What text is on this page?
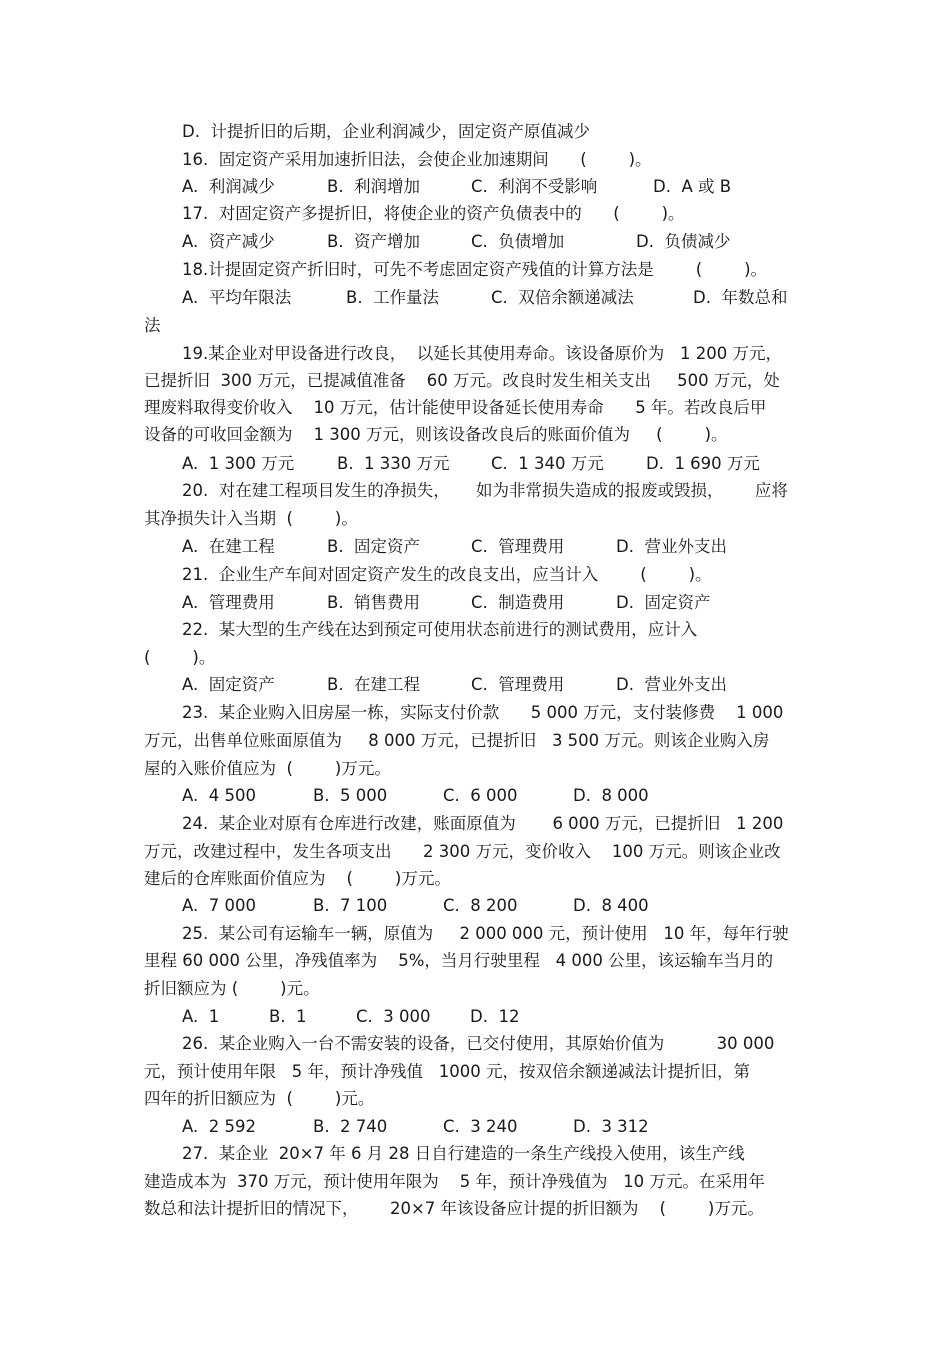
D.  计提折旧的后期，企业利润减少，固定资产原值减少
16.  固定资产采用加速折旧法，会使企业加速期间      (        )。
A.  利润减少	B.  利润增加	C.  利润不受影响	D.  A 或 B
17.  对固定资产多提折旧，将使企业的资产负债表中的      (        )。
A.  资产减少	B.  资产增加	C.  负债增加	D.  负债减少
18.计提固定资产折旧时，可先不考虑固定资产残值的计算方法是        (        )。
A.  平均年限法	B.  工作量法	C.  双倍余额递减法	D.  年数总和
法
19.某企业对甲设备进行改良，  以延长其使用寿命。该设备原价为   1 200 万元，
已提折旧  300 万元，已提减值准备    60 万元。改良时发生相关支出     500 万元，处
理废料取得变价收入    10 万元，估计能使甲设备延长使用寿命      5 年。若改良后甲
设备的可收回金额为    1 300 万元，则该设备改良后的账面价值为     (        )。
A.  1 300 万元	B.  1 330 万元	C.  1 340 万元	D.  1 690 万元
20.  对在建工程项目发生的净损失，     如为非常损失造成的报废或毁损，      应将
其净损失计入当期  (        )。
A.  在建工程	B.  固定资产	C.  管理费用	D.  营业外支出
21.  企业生产车间对固定资产发生的改良支出，应当计入        (        )。
A.  管理费用	B.  销售费用	C.  制造费用	D.  固定资产
22.  某大型的生产线在达到预定可使用状态前进行的测试费用，应计入
(        )。
A.  固定资产	B.  在建工程	C.  管理费用	D.  营业外支出
23.  某企业购入旧房屋一栋，实际支付价款      5 000 万元，支付装修费    1 000
万元，出售单位账面原值为     8 000 万元，已提折旧   3 500 万元。则该企业购入房
屋的入账价值应为  (        )万元。
A.  4 500	B.  5 000	C.  6 000	D.  8 000
24.  某企业对原有仓库进行改建，账面原值为       6 000 万元，已提折旧   1 200
万元，改建过程中，发生各项支出      2 300 万元，变价收入    100 万元。则该企业改
建后的仓库账面价值应为    (        )万元。
A.  7 000	B.  7 100	C.  8 200	D.  8 400
25.  某公司有运输车一辆，原值为     2 000 000 元，预计使用   10 年，每年行驶
里程 60 000 公里，净残值率为    5%，当月行驶里程   4 000 公里，该运输车当月的
折旧额应为 (        )元。
A.  1	B.  1	C.  3 000 D.  12
26.  某企业购入一台不需安装的设备，已交付使用，其原始价值为          30 000
元，预计使用年限   5 年，预计净残值   1000 元，按双倍余额递减法计提折旧，第
四年的折旧额应为  (        )元。
A.  2 592	B.  2 740	C.  3 240	D.  3 312
27.  某企业  20×7 年 6 月 28 日自行建造的一条生产线投入使用，该生产线
建造成本为  370 万元，预计使用年限为    5 年，预计净残值为   10 万元。在采用年
数总和法计提折旧的情况下，      20×7 年该设备应计提的折旧额为    (        )万元。
